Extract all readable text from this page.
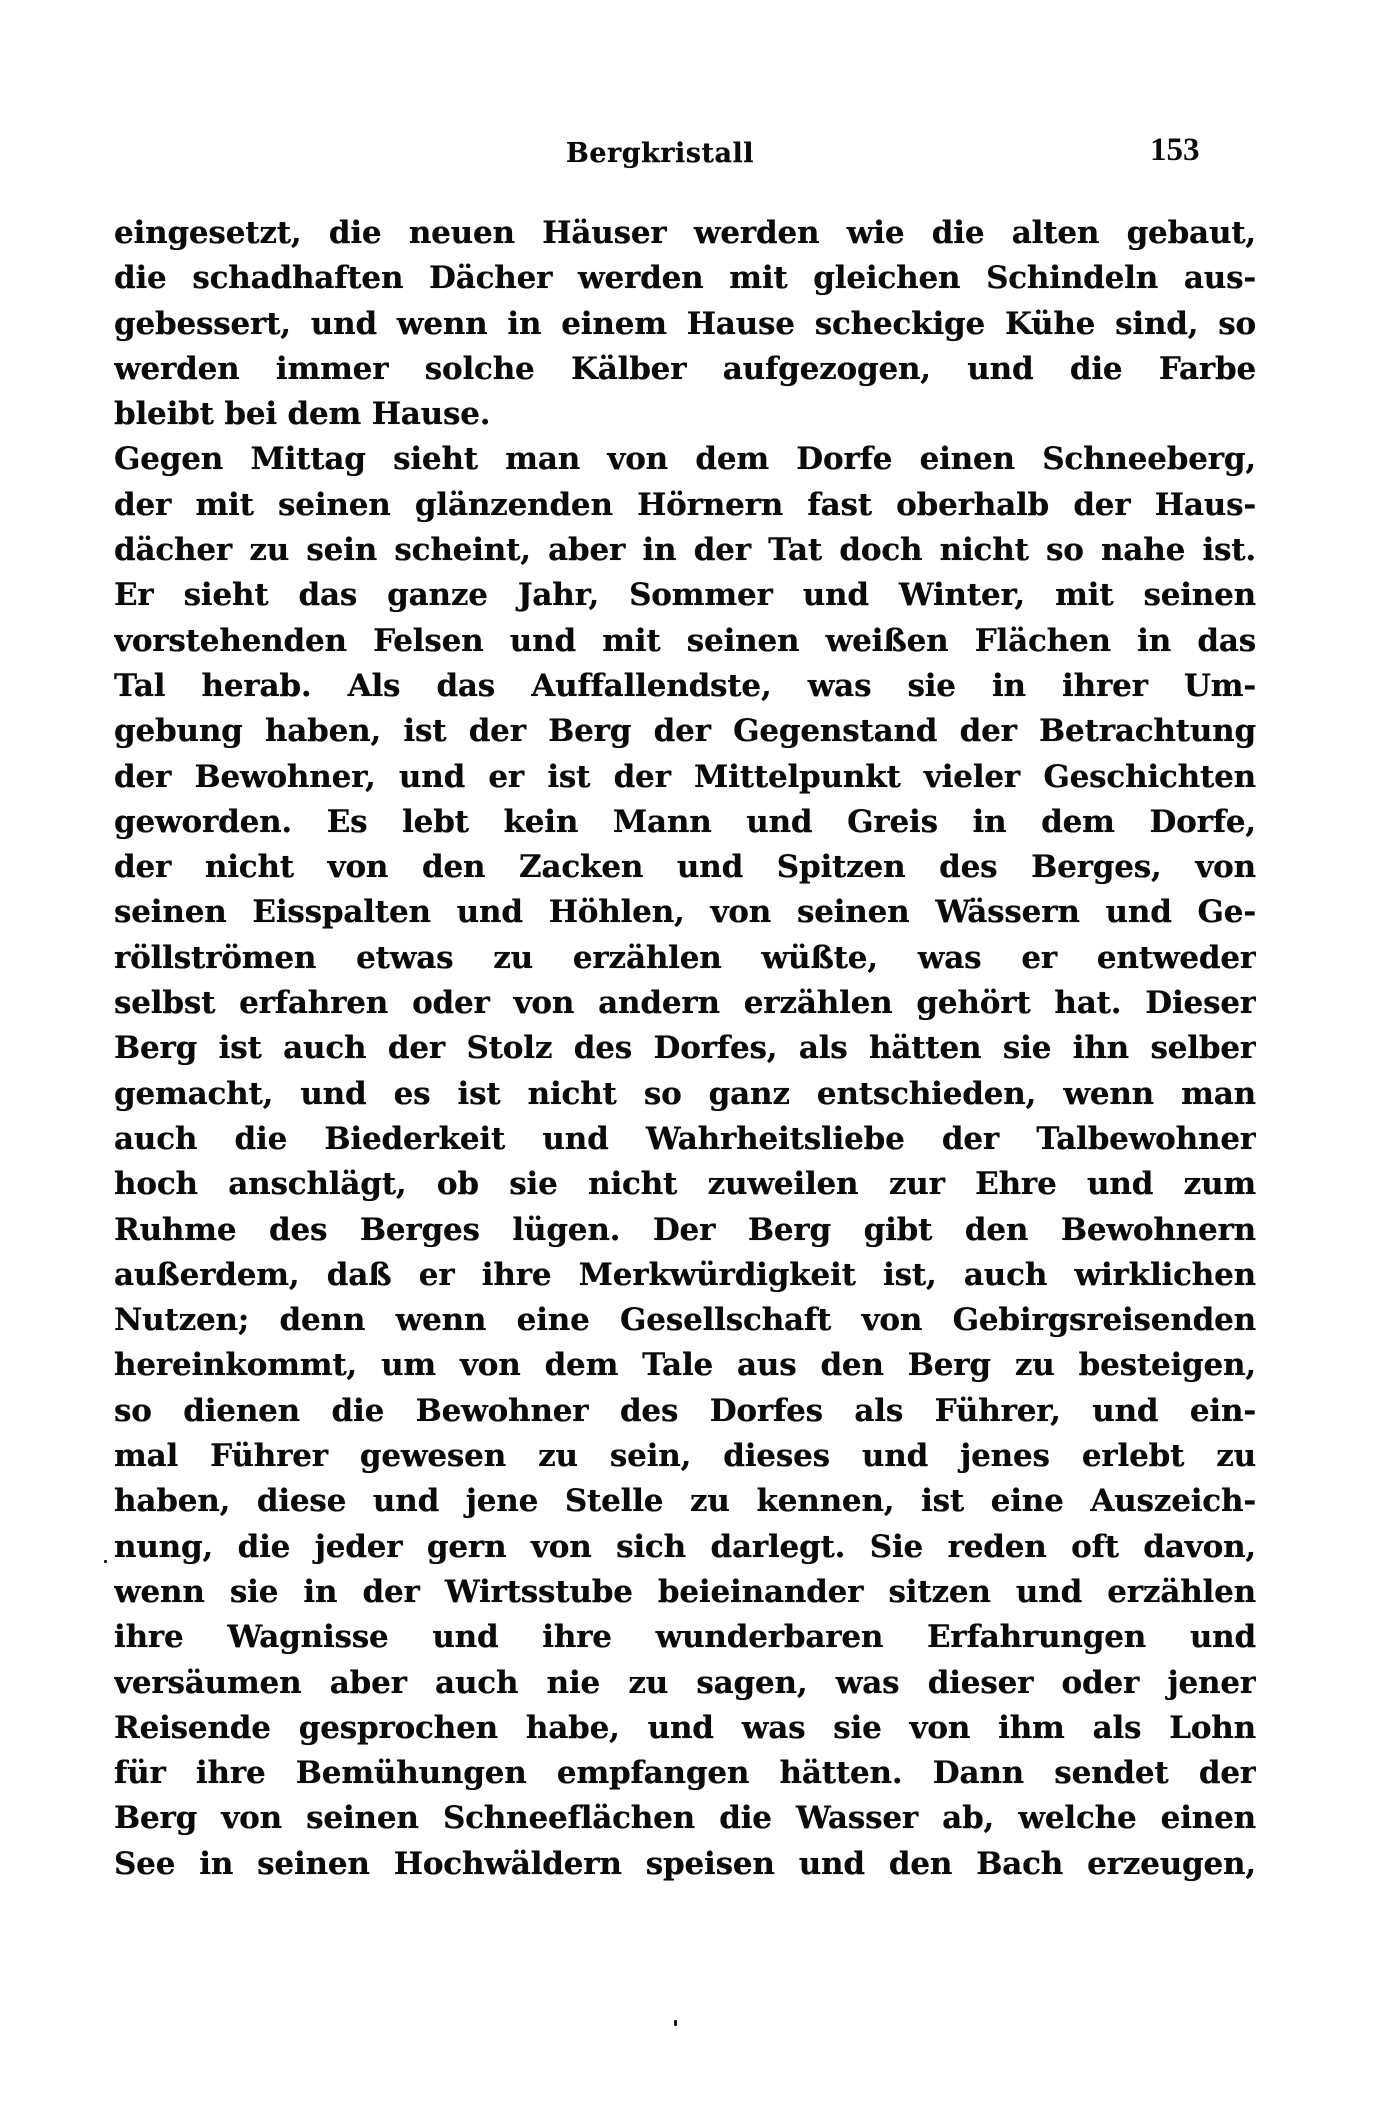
Bergkristall	153
eingesetzt, die neuen Häuser werden wie die alten gebaut,
die schadhaften Dächer werden mit gleichen Schindeln aus-
gebessert, und wenn in einem Hause scheckige Kühe sind, so
werden immer solche Kälber aufgezogen, und die Farbe
bleibt bei dem Hause.
Gegen Mittag sieht man von dem Dorfe einen Schneeberg,
der mit seinen glänzenden Hörnern fast oberhalb der Haus-
dächer zu sein scheint, aber in der Tat doch nicht so nahe ist.
Er sieht das ganze Jahr, Sommer und Winter, mit seinen
vorstehenden Felsen und mit seinen weißen Flächen in das
Tal herab. Als das Auffallendste, was sie in ihrer Um-
gebung haben, ist der Berg der Gegenstand der Betrachtung
der Bewohner, und er ist der Mittelpunkt vieler Geschichten
geworden. Es lebt kein Mann und Greis in dem Dorfe,
der nicht von den Zacken und Spitzen des Berges, von
seinen Eisspalten und Höhlen, von seinen Wässern und Ge-
röllströmen etwas zu erzählen wüßte, was er entweder
selbst erfahren oder von andern erzählen gehört hat. Dieser
Berg ist auch der Stolz des Dorfes, als hätten sie ihn selber
gemacht, und es ist nicht so ganz entschieden, wenn man
auch die Biederkeit und Wahrheitsliebe der Talbewohner
hoch anschlägt, ob sie nicht zuweilen zur Ehre und zum
Ruhme des Berges lügen. Der Berg gibt den Bewohnern
außerdem, daß er ihre Merkwürdigkeit ist, auch wirklichen
Nutzen; denn wenn eine Gesellschaft von Gebirgsreisenden
hereinkommt, um von dem Tale aus den Berg zu besteigen,
so dienen die Bewohner des Dorfes als Führer, und ein-
mal Führer gewesen zu sein, dieses und jenes erlebt zu
haben, diese und jene Stelle zu kennen, ist eine Auszeich-
nung, die jeder gern von sich darlegt. Sie reden oft davon,
wenn sie in der Wirtsstube beieinander sitzen und erzählen
ihre Wagnisse und ihre wunderbaren Erfahrungen und
versäumen aber auch nie zu sagen, was dieser oder jener
Reisende gesprochen habe, und was sie von ihm als Lohn
für ihre Bemühungen empfangen hätten. Dann sendet der
Berg von seinen Schneeflächen die Wasser ab, welche einen
See in seinen Hochwäldern speisen und den Bach erzeugen,
